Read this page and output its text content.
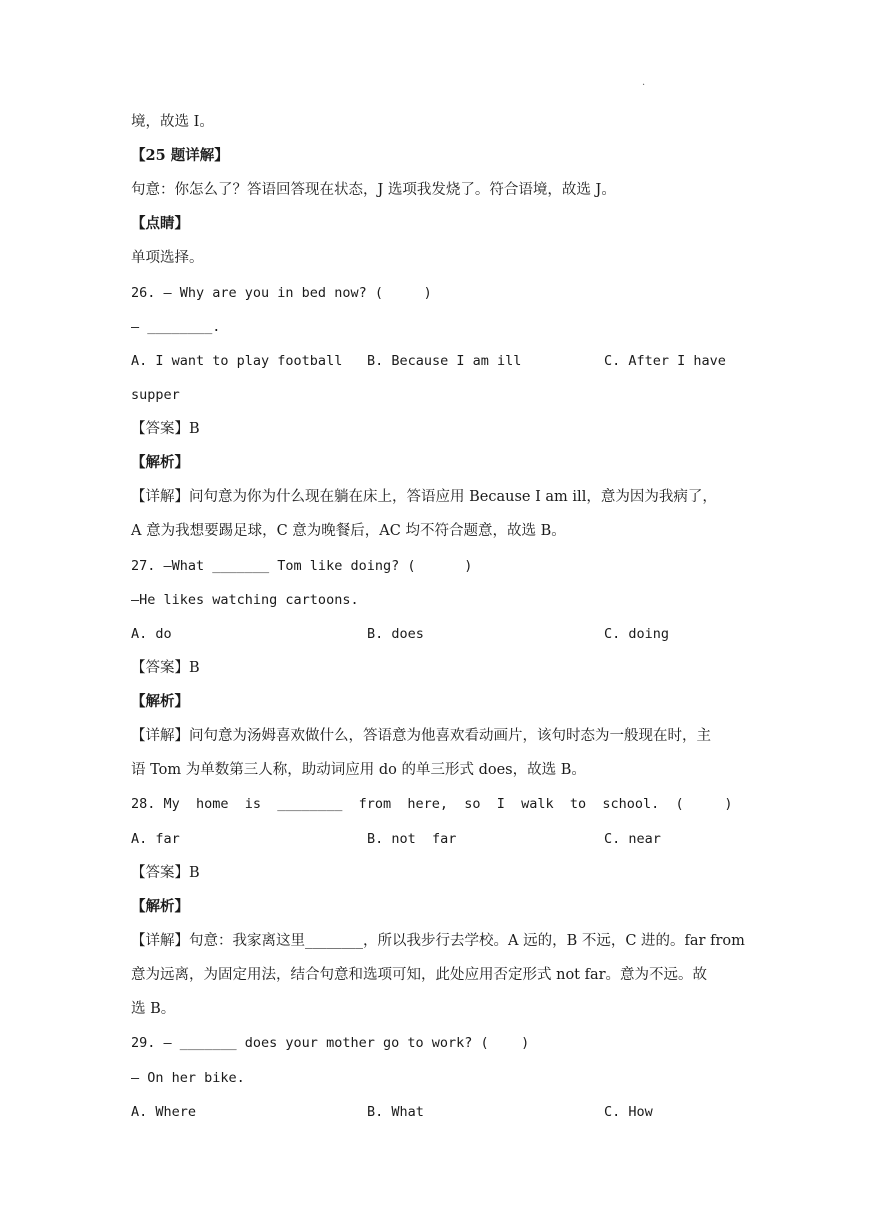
·
境，故选 I。
【25 题详解】
句意：你怎么了？答语回答现在状态，J 选项我发烧了。符合语境，故选 J。
【点睛】
单项选择。
26. — Why are you in bed now? (     )
— ________.
A. I want to play football B. Because I am ill	C. After I have
supper
【答案】B
【解析】
【详解】问句意为你为什么现在躺在床上，答语应用 Because I am ill，意为因为我病了，
A 意为我想要踢足球，C 意为晚餐后，AC 均不符合题意，故选 B。
27. —What _______ Tom like doing? (      )
—He likes watching cartoons.
A. do	B. does	C. doing
【答案】B
【解析】
【详解】问句意为汤姆喜欢做什么，答语意为他喜欢看动画片，该句时态为一般现在时，主
语 Tom 为单数第三人称，助动词应用 do 的单三形式 does，故选 B。
28. My  home  is  ________  from  here,  so  I  walk  to  school.  (     )
A. far	B. not  far	C. near
【答案】B
【解析】
【详解】句意：我家离这里________，所以我步行去学校。A 远的，B 不远，C 进的。far from
意为远离，为固定用法，结合句意和选项可知，此处应用否定形式 not far。意为不远。故
选 B。
29. — _______ does your mother go to work? (    )
— On her bike.
A. Where	B. What	C. How
